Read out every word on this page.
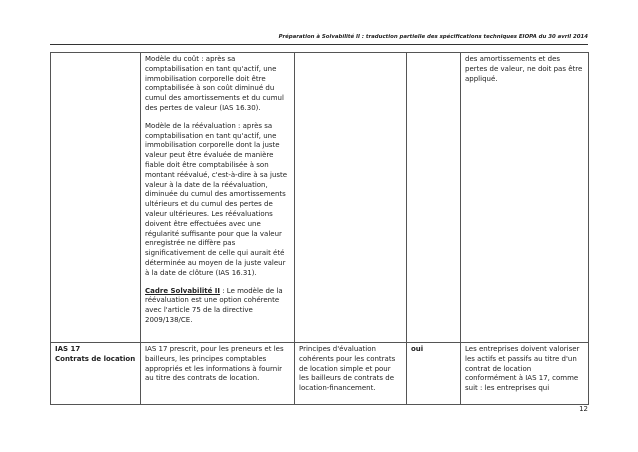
Préparation à Solvabilité II : traduction partielle des spécifications techniques EIOPA du 30 avril 2014

	Modèle du coût : après sa comptabilisation en tant qu'actif, une immobilisation corporelle doit être comptabilisée à son coût diminué du cumul des amortissements et du cumul des pertes de valeur (IAS 16.30).

Modèle de la réévaluation : après sa comptabilisation en tant qu'actif, une immobilisation corporelle dont la juste valeur peut être évaluée de manière fiable doit être comptabilisée à son montant réévalué, c'est-à-dire à sa juste valeur à la date de la réévaluation, diminuée du cumul des amortissements ultérieurs et du cumul des pertes de valeur ultérieures. Les réévaluations doivent être effectuées avec une régularité suffisante pour que la valeur enregistrée ne diffère pas significativement de celle qui aurait été déterminée au moyen de la juste valeur à la date de clôture (IAS 16.31).

Cadre Solvabilité II : Le modèle de la réévaluation est une option cohérente avec l'article 75 de la directive 2009/138/CE.			des amortissements et des pertes de valeur, ne doit pas être appliqué.

IAS 17
Contrats de location	IAS 17 prescrit, pour les preneurs et les bailleurs, les principes comptables appropriés et les informations à fournir au titre des contrats de location.	Principes d'évaluation cohérents pour les contrats de location simple et pour les bailleurs de contrats de location-financement.	oui	Les entreprises doivent valoriser les actifs et passifs au titre d'un contrat de location conformément à IAS 17, comme suit : les entreprises qui
12
